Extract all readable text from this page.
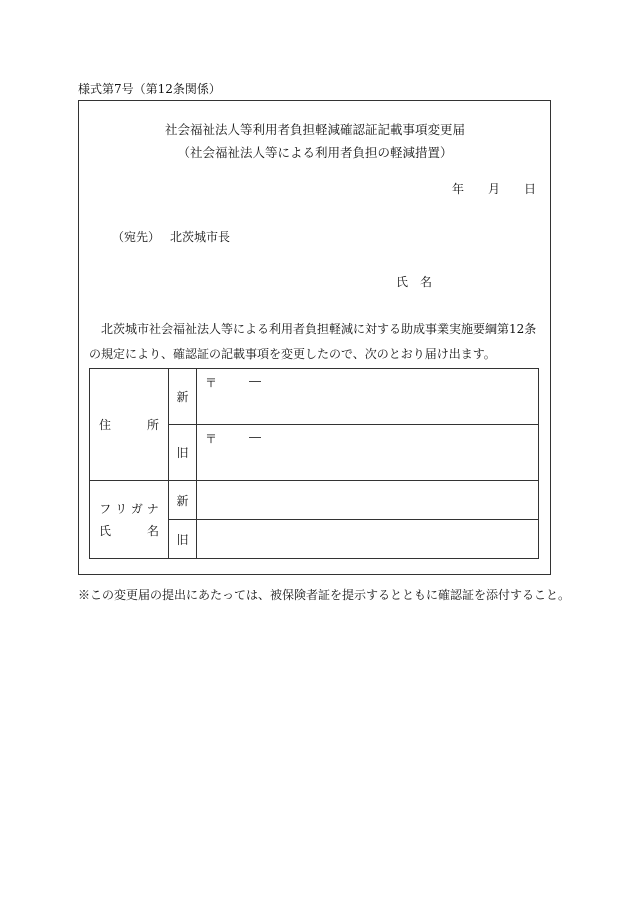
様式第7号（第12条関係）
社会福祉法人等利用者負担軽減確認証記載事項変更届
（社会福祉法人等による利用者負担の軽減措置）
年 月 日
（宛先） 北茨城市長
氏　名
北茨城市社会福祉法人等による利用者負担軽減に対する助成事業実施要綱第12条の規定により、確認証の記載事項を変更したので、次のとおり届け出ます。
住　　　所	新	〒 ―

	旧	〒 ―

フ リ ガ ナ
氏　　　名	新	
	旧	
※この変更届の提出にあたっては、被保険者証を提示するとともに確認証を添付すること。
